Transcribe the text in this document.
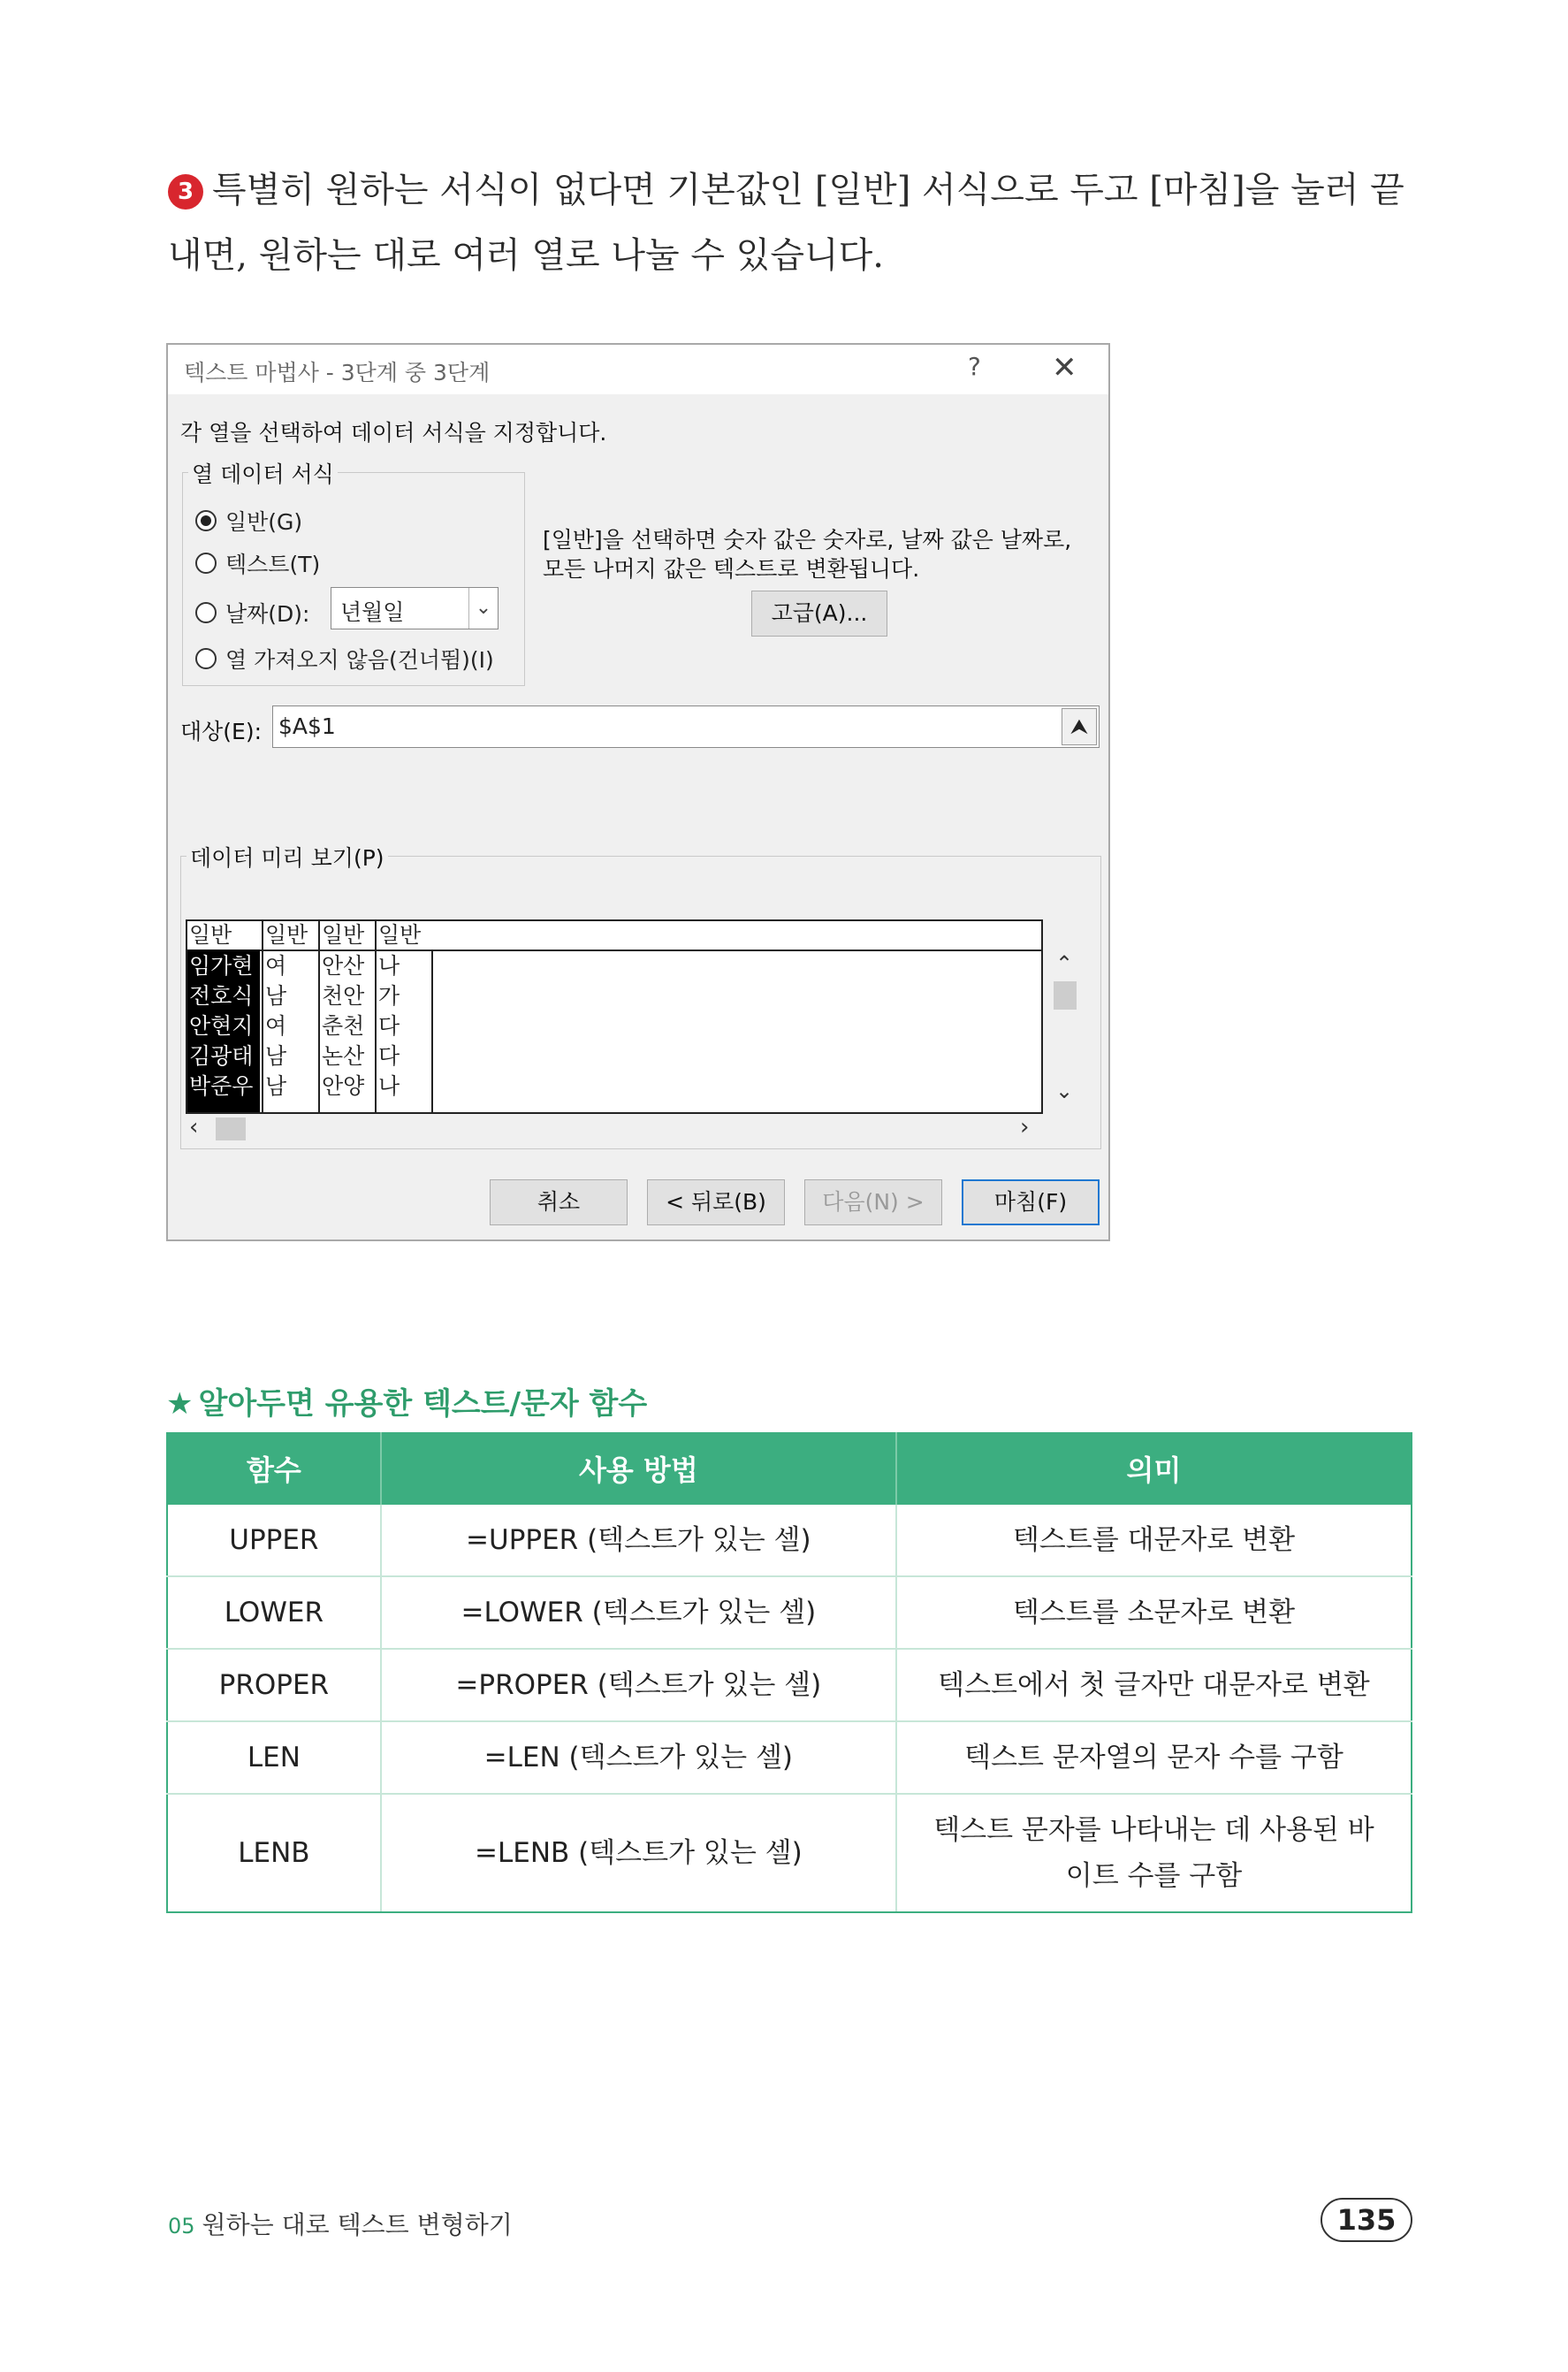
3 특별히 원하는 서식이 없다면 기본값인 [일반] 서식으로 두고 [마침]을 눌러 끝내면, 원하는 대로 여러 열로 나눌 수 있습니다.
텍스트 마법사 - 3단계 중 3단계	? ✕
각 열을 선택하여 데이터 서식을 지정합니다.
열 데이터 서식
일반(G)
텍스트(T)
날짜(D):
열 가져오지 않음(건너뜀)(I)
년월일	⌄
[일반]을 선택하면 숫자 값은 숫자로, 날짜 값은 날짜로, 모든 나머지 값은 텍스트로 변환됩니다.
고급(A)...
대상(E): $A$1	⮝
데이터 미리 보기(P)
일반 일반 일반 일반
임가현 여 안산 나
전호식 남 천안 가
안현지 여 춘천 다
김광태 남 논산 다
박준우 남 안양 나
⌃
⌄
‹	›
취소	< 뒤로(B)	다음(N) >	마침(F)
★ 알아두면 유용한 텍스트/문자 함수
함수	사용 방법	의미
UPPER	=UPPER (텍스트가 있는 셀)	텍스트를 대문자로 변환
LOWER	=LOWER (텍스트가 있는 셀)	텍스트를 소문자로 변환
PROPER	=PROPER (텍스트가 있는 셀)	텍스트에서 첫 글자만 대문자로 변환
LEN	=LEN (텍스트가 있는 셀)	텍스트 문자열의 문자 수를 구함
LENB	=LENB (텍스트가 있는 셀)	텍스트 문자를 나타내는 데 사용된 바이트 수를 구함
05 원하는 대로 텍스트 변형하기	135
